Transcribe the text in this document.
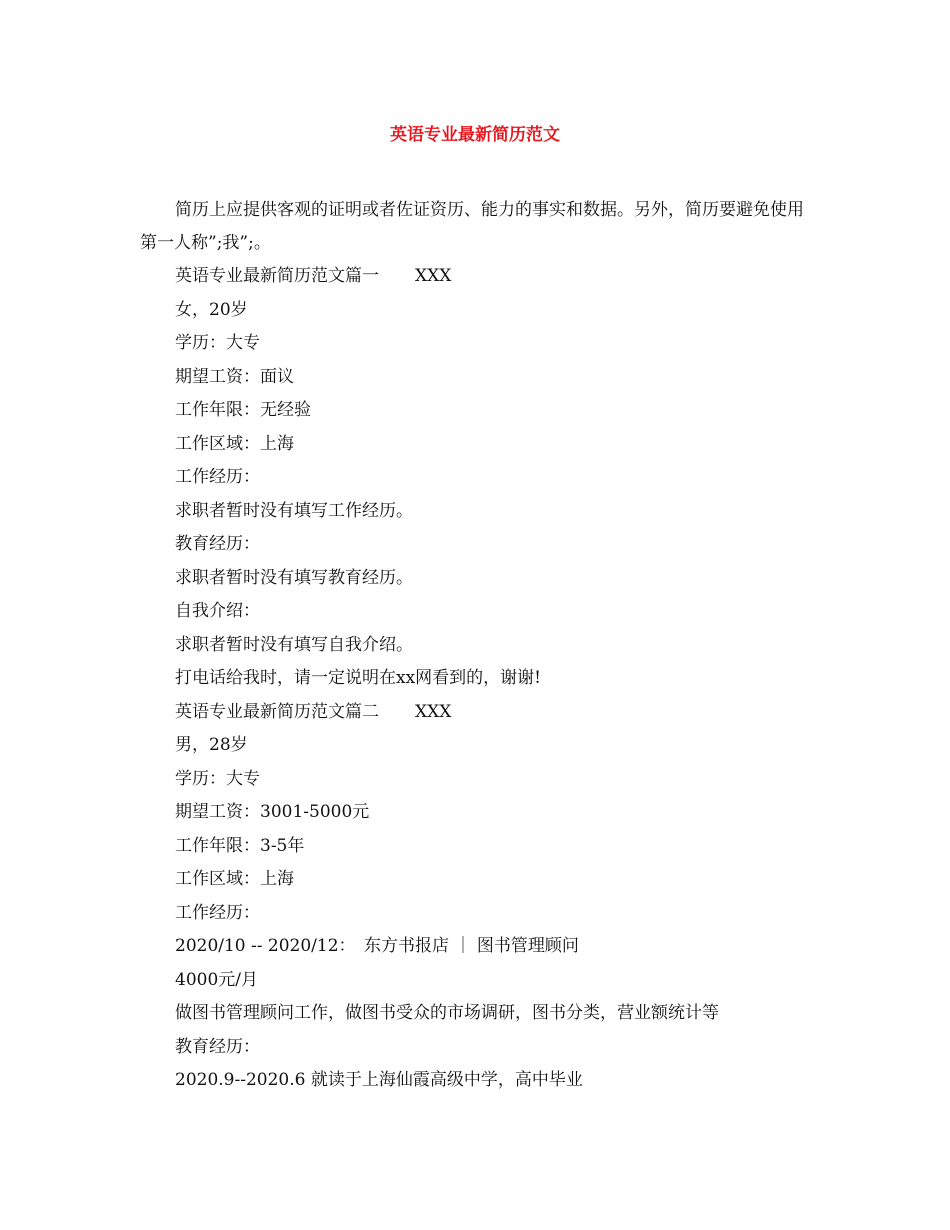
英语专业最新简历范文

简历上应提供客观的证明或者佐证资历、能力的事实和数据。另外，简历要避免使用第一人称”;我”;。

英语专业最新简历范文篇一 XXX
女，20岁
学历：大专
期望工资：面议
工作年限：无经验
工作区域：上海
工作经历：
求职者暂时没有填写工作经历。
教育经历：
求职者暂时没有填写教育经历。
自我介绍：
求职者暂时没有填写自我介绍。
打电话给我时，请一定说明在xx网看到的，谢谢!
英语专业最新简历范文篇二 XXX
男，28岁
学历：大专
期望工资：3001-5000元
工作年限：3-5年
工作区域：上海
工作经历：
2020/10 -- 2020/12：　东方书报店 ｜ 图书管理顾问
4000元/月
做图书管理顾问工作，做图书受众的市场调研，图书分类，营业额统计等
教育经历：
2020.9--2020.6 就读于上海仙霞高级中学，高中毕业
